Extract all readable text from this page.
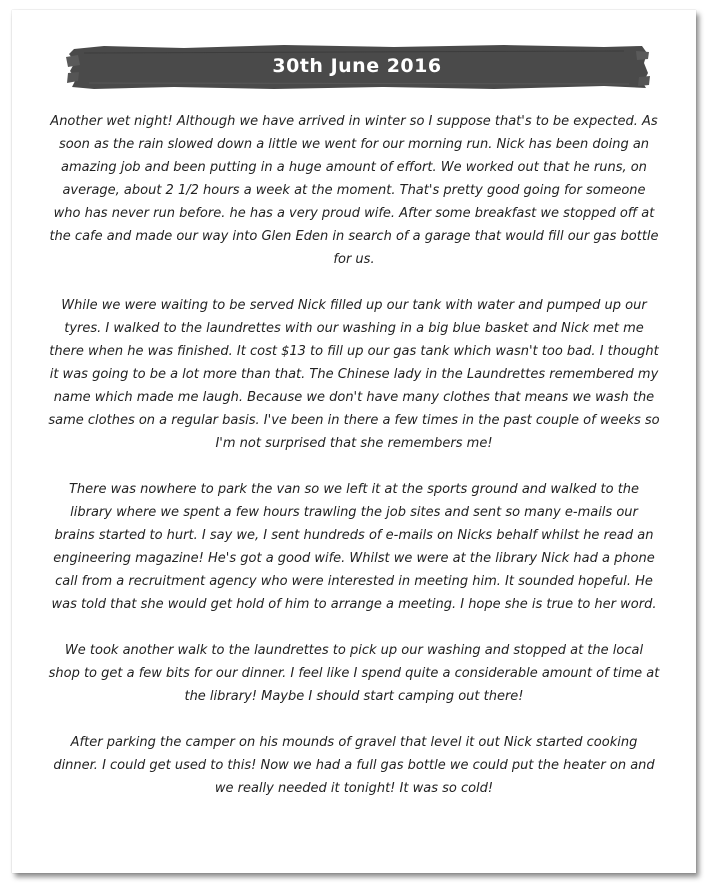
30th June 2016

Another wet night! Although we have arrived in winter so I suppose that's to be expected. As soon as the rain slowed down a little we went for our morning run. Nick has been doing an amazing job and been putting in a huge amount of effort. We worked out that he runs, on average, about 2 1/2 hours a week at the moment. That's pretty good going for someone who has never run before. he has a very proud wife. After some breakfast we stopped off at the cafe and made our way into Glen Eden in search of a garage that would fill our gas bottle for us.

While we were waiting to be served Nick filled up our tank with water and pumped up our tyres. I walked to the laundrettes with our washing in a big blue basket and Nick met me there when he was finished. It cost $13 to fill up our gas tank which wasn't too bad. I thought it was going to be a lot more than that. The Chinese lady in the Laundrettes remembered my name which made me laugh. Because we don't have many clothes that means we wash the same clothes on a regular basis. I've been in there a few times in the past couple of weeks so I'm not surprised that she remembers me!

There was nowhere to park the van so we left it at the sports ground and walked to the library where we spent a few hours trawling the job sites and sent so many e-mails our brains started to hurt. I say we, I sent hundreds of e-mails on Nicks behalf whilst he read an engineering magazine! He's got a good wife. Whilst we were at the library Nick had a phone call from a recruitment agency who were interested in meeting him. It sounded hopeful. He was told that she would get hold of him to arrange a meeting. I hope she is true to her word.

We took another walk to the laundrettes to pick up our washing and stopped at the local shop to get a few bits for our dinner. I feel like I spend quite a considerable amount of time at the library! Maybe I should start camping out there!

After parking the camper on his mounds of gravel that level it out Nick started cooking dinner. I could get used to this! Now we had a full gas bottle we could put the heater on and we really needed it tonight! It was so cold!
